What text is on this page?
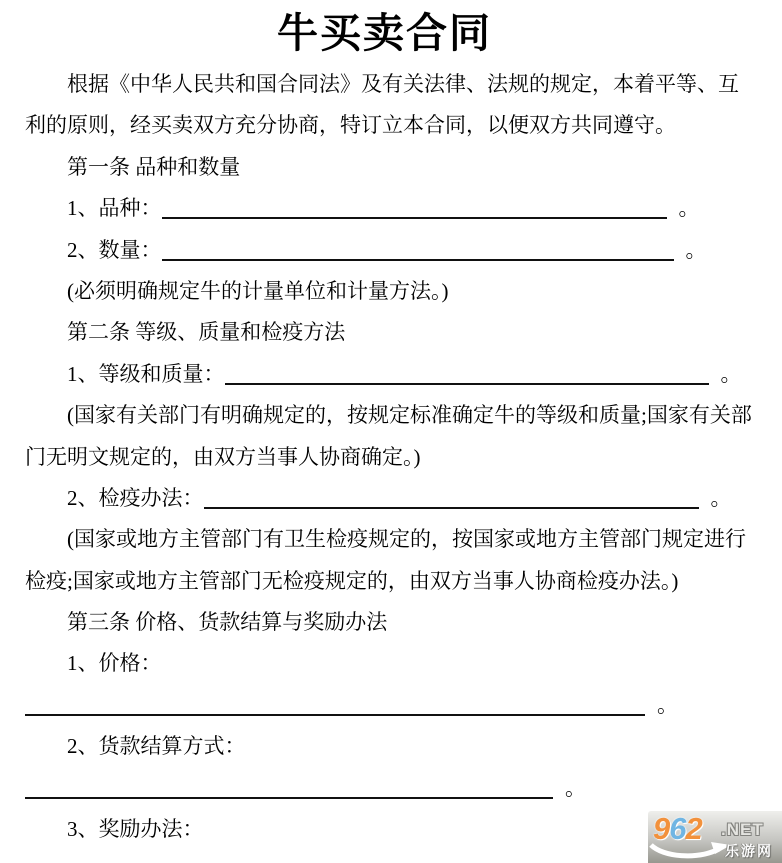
牛买卖合同
根据《中华人民共和国合同法》及有关法律、法规的规定，本着平等、互
利的原则，经买卖双方充分协商，特订立本合同，以便双方共同遵守。
第一条 品种和数量
1、品种：	。
2、数量：	。
(必须明确规定牛的计量单位和计量方法。)
第二条 等级、质量和检疫方法
1、等级和质量：	。
(国家有关部门有明确规定的，按规定标准确定牛的等级和质量;国家有关部
门无明文规定的，由双方当事人协商确定。)
2、检疫办法：	。
(国家或地方主管部门有卫生检疫规定的，按国家或地方主管部门规定进行
检疫;国家或地方主管部门无检疫规定的，由双方当事人协商检疫办法。)
第三条 价格、货款结算与奖励办法
1、价格：
。
2、货款结算方式：
。
3、奖励办法：	962 .NET
乐游网
